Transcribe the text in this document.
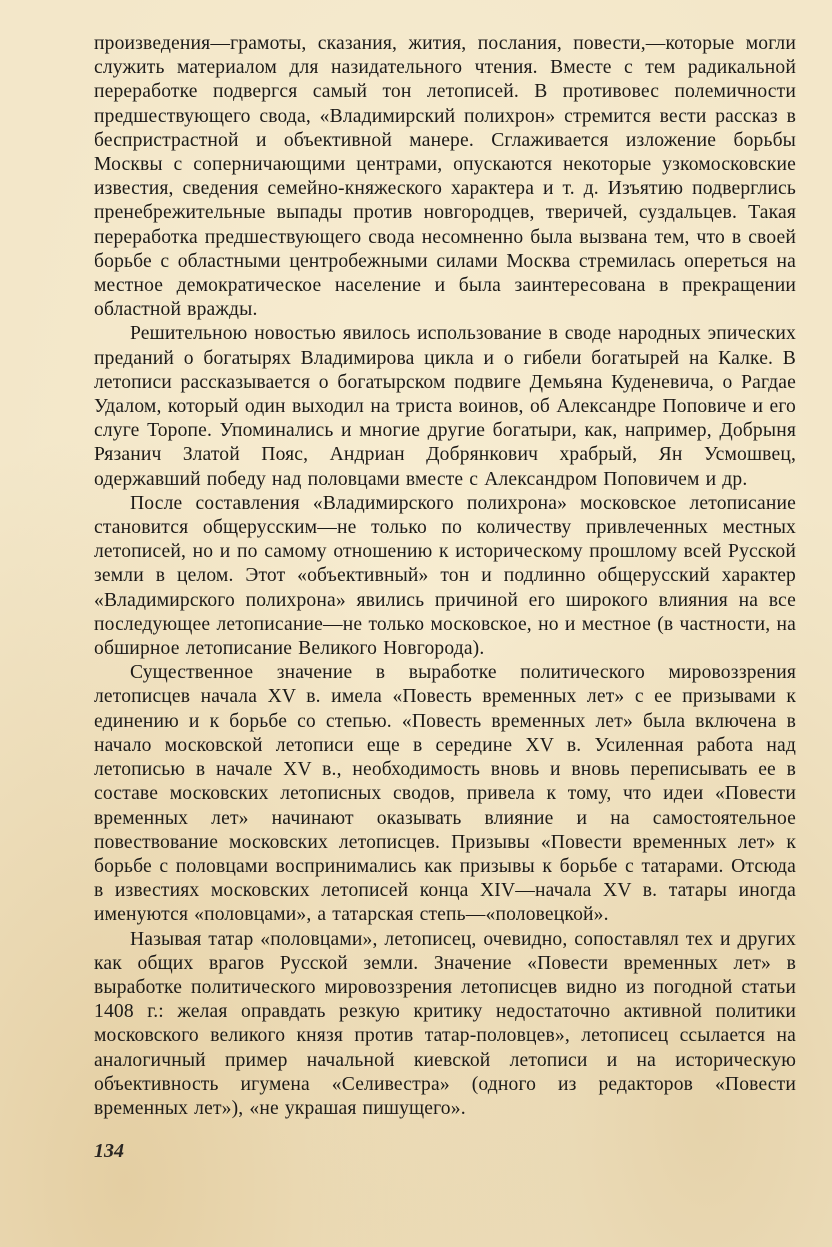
произведения—грамоты, сказания, жития, послания, повести,—которые могли служить материалом для назидательного чтения. Вместе с тем радикальной переработке подвергся самый тон летописей. В противовес полемичности предшествующего свода, «Владимирский полихрон» стремится вести рассказ в беспристрастной и объективной манере. Сглаживается изложение борьбы Москвы с соперничающими центрами, опускаются некоторые узкомосковские известия, сведения семейно-княжеского характера и т. д. Изъятию подверглись пренебрежительные выпады против новгородцев, тверичей, суздальцев. Такая переработка предшествующего свода несомненно была вызвана тем, что в своей борьбе с областными центробежными силами Москва стремилась опереться на местное демократическое население и была заинтересована в прекращении областной вражды.

Решительною новостью явилось использование в своде народных эпических преданий о богатырях Владимирова цикла и о гибели богатырей на Калке. В летописи рассказывается о богатырском подвиге Демьяна Куденевича, о Рагдае Удалом, который один выходил на триста воинов, об Александре Поповиче и его слуге Торопе. Упоминались и многие другие богатыри, как, например, Добрыня Рязанич Златой Пояс, Андриан Добрянкович храбрый, Ян Усмошвец, одержавший победу над половцами вместе с Александром Поповичем и др.

После составления «Владимирского полихрона» московское летописание становится общерусским—не только по количеству привлеченных местных летописей, но и по самому отношению к историческому прошлому всей Русской земли в целом. Этот «объективный» тон и подлинно общерусский характер «Владимирского полихрона» явились причиной его широкого влияния на все последующее летописание—не только московское, но и местное (в частности, на обширное летописание Великого Новгорода).

Существенное значение в выработке политического мировоззрения летописцев начала XV в. имела «Повесть временных лет» с ее призывами к единению и к борьбе со степью. «Повесть временных лет» была включена в начало московской летописи еще в середине XV в. Усиленная работа над летописью в начале XV в., необходимость вновь и вновь переписывать ее в составе московских летописных сводов, привела к тому, что идеи «Повести временных лет» начинают оказывать влияние и на самостоятельное повествование московских летописцев. Призывы «Повести временных лет» к борьбе с половцами воспринимались как призывы к борьбе с татарами. Отсюда в известиях московских летописей конца XIV—начала XV в. татары иногда именуются «половцами», а татарская степь—«половецкой».

Называя татар «половцами», летописец, очевидно, сопоставлял тех и других как общих врагов Русской земли. Значение «Повести временных лет» в выработке политического мировоззрения летописцев видно из погодной статьи 1408 г.: желая оправдать резкую критику недостаточно активной политики московского великого князя против татар-половцев», летописец ссылается на аналогичный пример начальной киевской летописи и на историческую объективность игумена «Селивестра» (одного из редакторов «Повести временных лет»), «не украшая пишущего».

134
